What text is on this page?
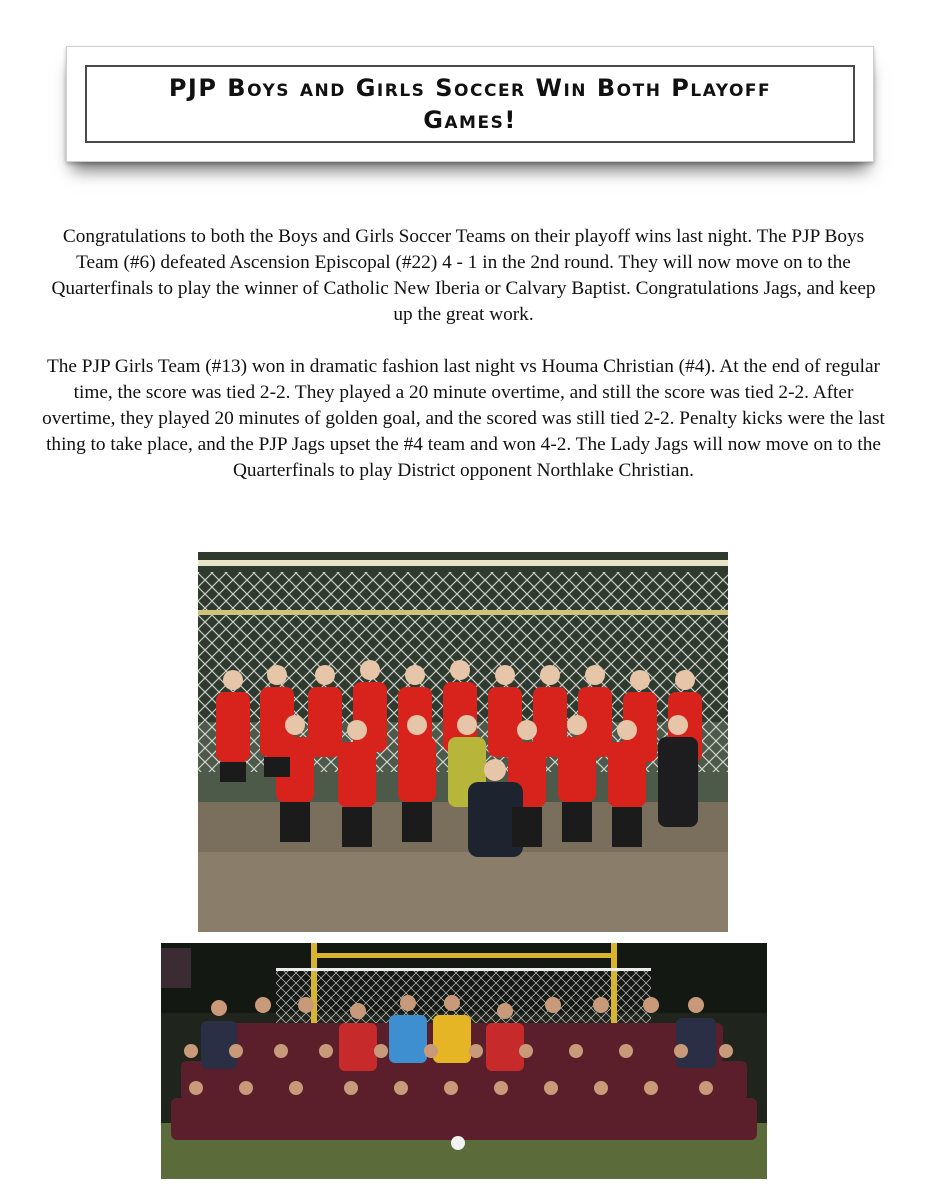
PJP Boys and Girls Soccer Win Both Playoff Games!

Congratulations to both the Boys and Girls Soccer Teams on their playoff wins last night. The PJP Boys Team (#6) defeated Ascension Episcopal (#22) 4 - 1 in the 2nd round. They will now move on to the Quarterfinals to play the winner of Catholic New Iberia or Calvary Baptist. Congratulations Jags, and keep up the great work.

The PJP Girls Team (#13) won in dramatic fashion last night vs Houma Christian (#4). At the end of regular time, the score was tied 2-2. They played a 20 minute overtime, and still the score was tied 2-2. After overtime, they played 20 minutes of golden goal, and the scored was still tied 2-2. Penalty kicks were the last thing to take place, and the PJP Jags upset the #4 team and won 4-2. The Lady Jags will now move on to the Quarterfinals to play District opponent Northlake Christian.
